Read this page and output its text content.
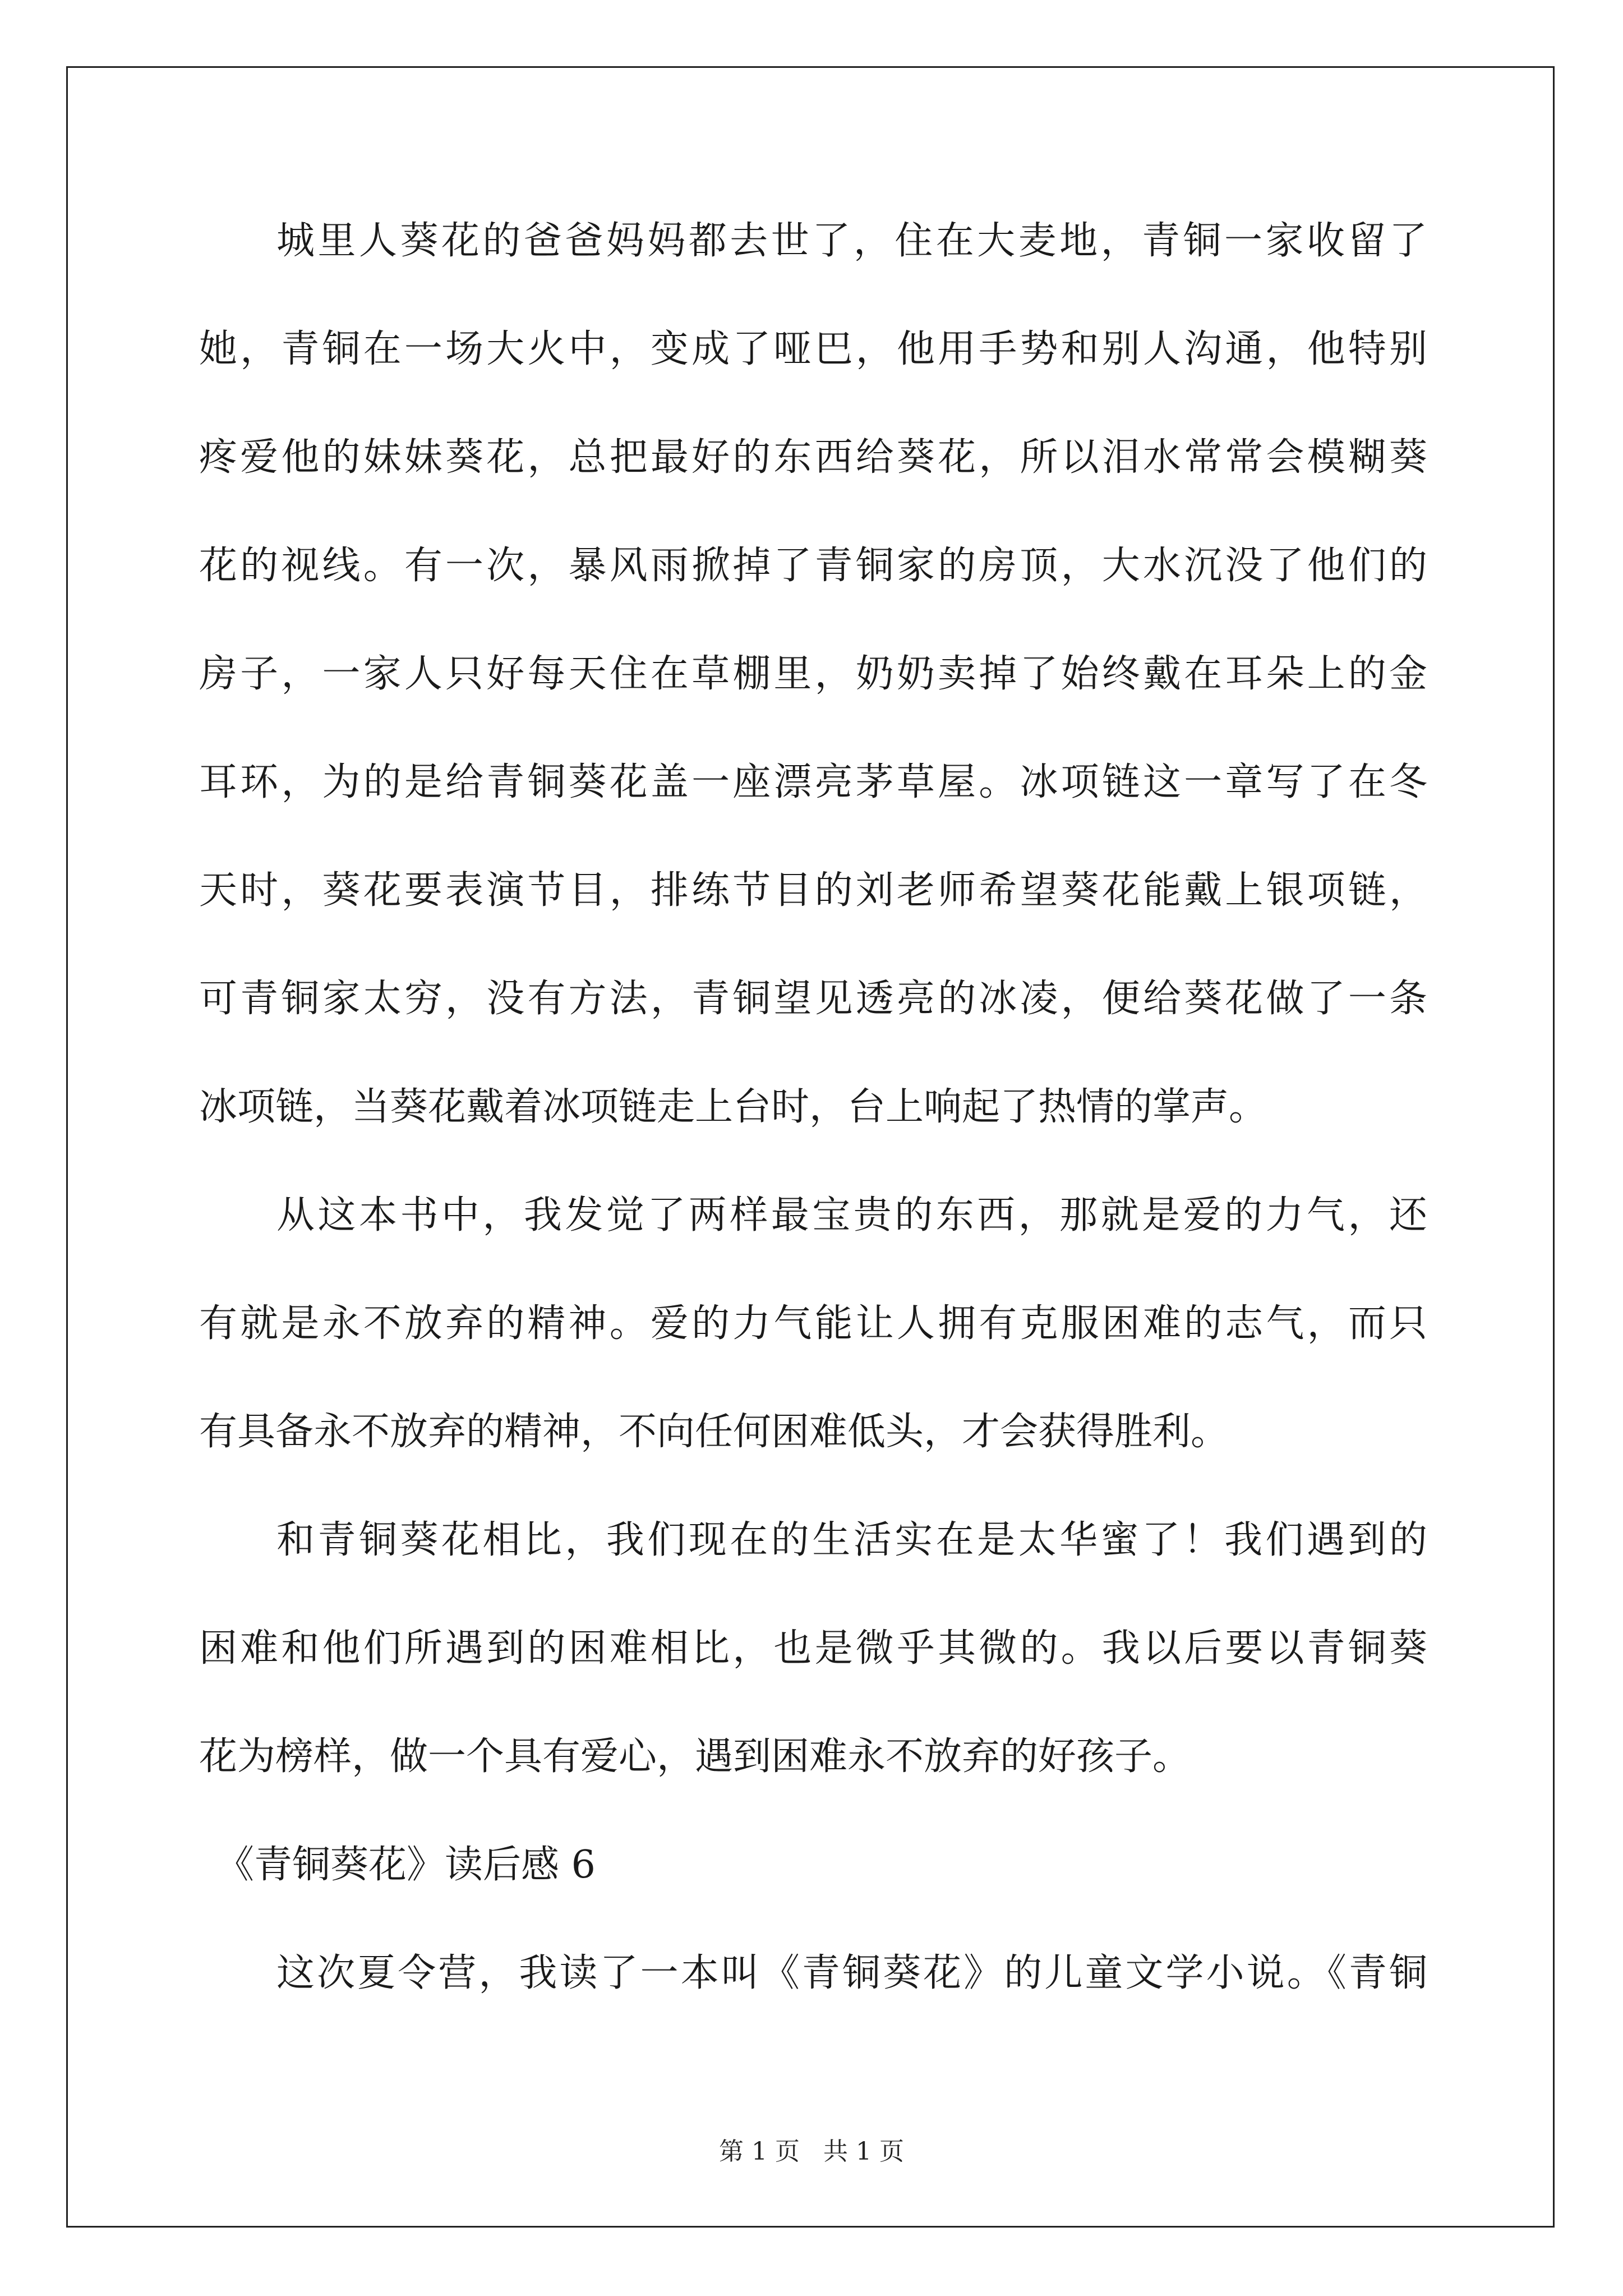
城里人葵花的爸爸妈妈都去世了，住在大麦地，青铜一家收留了
她，青铜在一场大火中，变成了哑巴，他用手势和别人沟通，他特别
疼爱他的妹妹葵花，总把最好的东西给葵花，所以泪水常常会模糊葵
花的视线。有一次，暴风雨掀掉了青铜家的房顶，大水沉没了他们的
房子，一家人只好每天住在草棚里，奶奶卖掉了始终戴在耳朵上的金
耳环，为的是给青铜葵花盖一座漂亮茅草屋。冰项链这一章写了在冬
天时，葵花要表演节目，排练节目的刘老师希望葵花能戴上银项链，
可青铜家太穷，没有方法，青铜望见透亮的冰凌，便给葵花做了一条
冰项链，当葵花戴着冰项链走上台时，台上响起了热情的掌声。
从这本书中，我发觉了两样最宝贵的东西，那就是爱的力气，还
有就是永不放弃的精神。爱的力气能让人拥有克服困难的志气，而只
有具备永不放弃的精神，不向任何困难低头，才会获得胜利。
和青铜葵花相比，我们现在的生活实在是太华蜜了！我们遇到的
困难和他们所遇到的困难相比，也是微乎其微的。我以后要以青铜葵
花为榜样，做一个具有爱心，遇到困难永不放弃的好孩子。
《青铜葵花》读后感 6
这次夏令营，我读了一本叫《青铜葵花》的儿童文学小说。《青铜
第 1 页   共 1 页
